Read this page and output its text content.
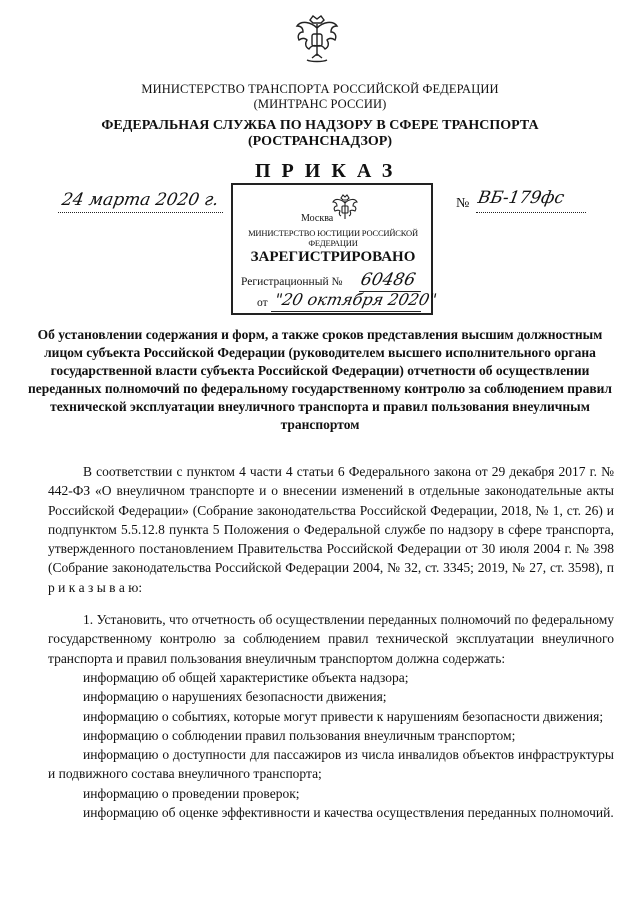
МИНИСТЕРСТВО ТРАНСПОРТА РОССИЙСКОЙ ФЕДЕРАЦИИ
(МИНТРАНС РОССИИ)
ФЕДЕРАЛЬНАЯ СЛУЖБА ПО НАДЗОРУ В СФЕРЕ ТРАНСПОРТА
(РОСТРАНСНАДЗОР)
ПРИКАЗ
24 марта 2020 г.	№ ВБ-179фс
Москва
МИНИСТЕРСТВО ЮСТИЦИИ РОССИЙСКОЙ ФЕДЕРАЦИИ
ЗАРЕГИСТРИРОВАНО
Регистрационный № 60486
от "20 октября 2020"
Об установлении содержания и форм, а также сроков представления высшим должностным лицом субъекта Российской Федерации (руководителем высшего исполнительного органа государственной власти субъекта Российской Федерации) отчетности об осуществлении переданных полномочий по федеральному государственному контролю за соблюдением правил технической эксплуатации внеуличного транспорта и правил пользования внеуличным транспортом

В соответствии с пунктом 4 части 4 статьи 6 Федерального закона от 29 декабря 2017 г. № 442-ФЗ «О внеуличном транспорте и о внесении изменений в отдельные законодательные акты Российской Федерации» (Собрание законодательства Российской Федерации, 2018, № 1, ст. 26) и подпунктом 5.5.12.8 пункта 5 Положения о Федеральной службе по надзору в сфере транспорта, утвержденного постановлением Правительства Российской Федерации от 30 июля 2004 г. № 398 (Собрание законодательства Российской Федерации 2004, № 32, ст. 3345; 2019, № 27, ст. 3598), п р и к а з ы в а ю:

1. Установить, что отчетность об осуществлении переданных полномочий по федеральному государственному контролю за соблюдением правил технической эксплуатации внеуличного транспорта и правил пользования внеуличным транспортом должна содержать:

информацию об общей характеристике объекта надзора;

информацию о нарушениях безопасности движения;

информацию о событиях, которые могут привести к нарушениям безопасности движения;

информацию о соблюдении правил пользования внеуличным транспортом;

информацию о доступности для пассажиров из числа инвалидов объектов инфраструктуры и подвижного состава внеуличного транспорта;

информацию о проведении проверок;

информацию об оценке эффективности и качества осуществления переданных полномочий.
